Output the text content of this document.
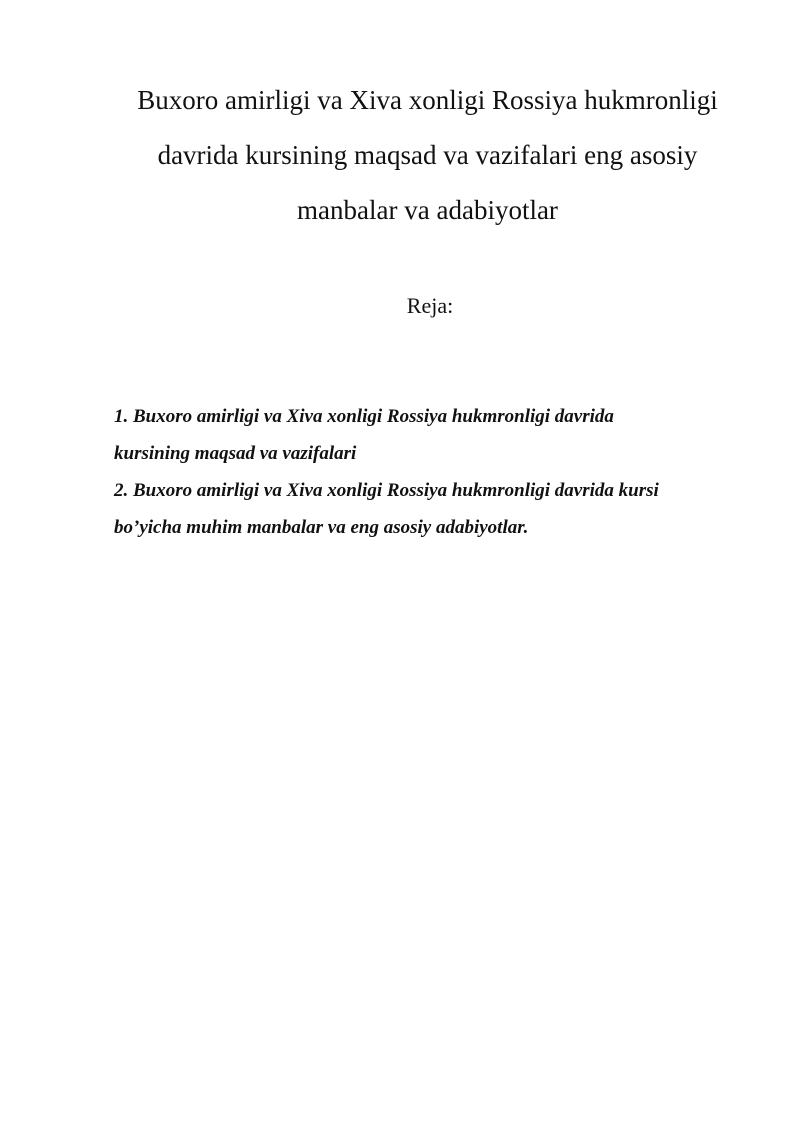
Buxoro amirligi va Xiva xonligi Rossiya hukmronligi
davrida kursining maqsad va vazifalari eng asosiy
manbalar va adabiyotlar

Reja:

1. Buxoro amirligi va Xiva xonligi Rossiya hukmronligi davrida
kursining maqsad va vazifalari
2. Buxoro amirligi va Xiva xonligi Rossiya hukmronligi davrida kursi
bo’yicha muhim manbalar va eng asosiy adabiyotlar.
